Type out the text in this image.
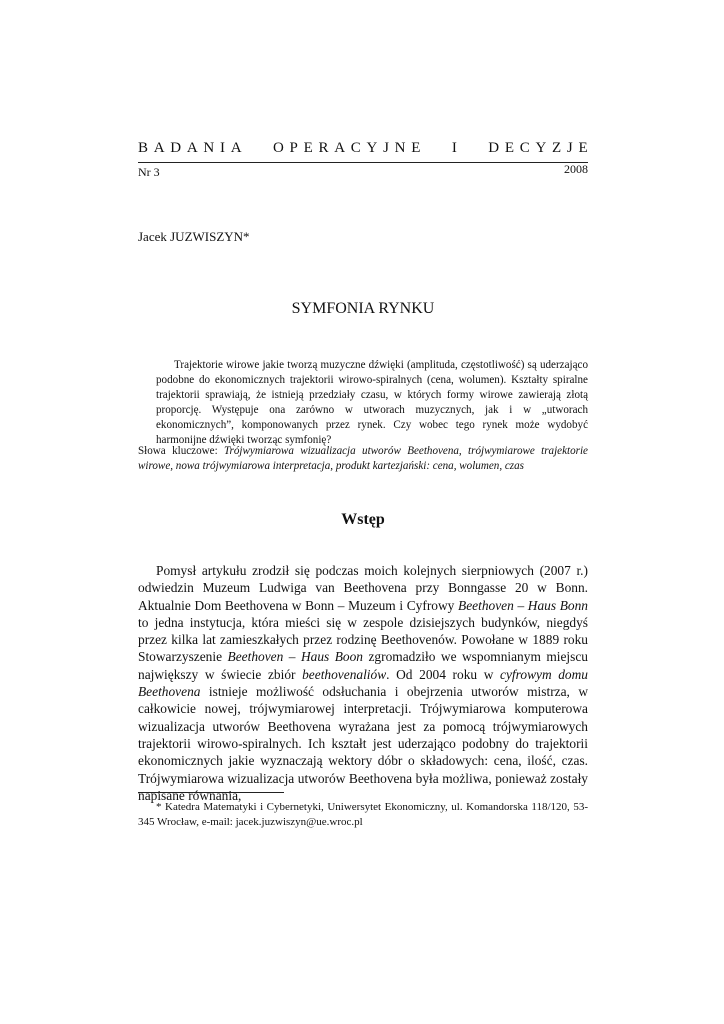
B A D A N I A O P E R A C Y J N E I D E C Y Z J E
Nr 3	2008
Jacek JUZWISZYN*
SYMFONIA RYNKU

Trajektorie wirowe jakie tworzą muzyczne dźwięki (amplituda, częstotliwość) są uderzająco podobne do ekonomicznych trajektorii wirowo-spiralnych (cena, wolumen). Kształty spiralne trajektorii sprawiają, że istnieją przedziały czasu, w których formy wirowe zawierają złotą proporcję. Występuje ona zarówno w utworach muzycznych, jak i w „utworach ekonomicznych”, komponowanych przez rynek. Czy wobec tego rynek może wydobyć harmonijne dźwięki tworząc symfonię?

Słowa kluczowe: Trójwymiarowa wizualizacja utworów Beethovena, trójwymiarowe trajektorie wirowe, nowa trójwymiarowa interpretacja, produkt kartezjański: cena, wolumen, czas

Wstęp

Pomysł artykułu zrodził się podczas moich kolejnych sierpniowych (2007 r.) odwiedzin Muzeum Ludwiga van Beethovena przy Bonngasse 20 w Bonn. Aktualnie Dom Beethovena w Bonn – Muzeum i Cyfrowy Beethoven – Haus Bonn to jedna instytucja, która mieści się w zespole dzisiejszych budynków, niegdyś przez kilka lat zamieszkałych przez rodzinę Beethovenów. Powołane w 1889 roku Stowarzyszenie Beethoven – Haus Boon zgromadziło we wspomnianym miejscu największy w świecie zbiór beethovenaliów. Od 2004 roku w cyfrowym domu Beethovena istnieje możliwość odsłuchania i obejrzenia utworów mistrza, w całkowicie nowej, trójwymiarowej interpretacji. Trójwymiarowa komputerowa wizualizacja utworów Beethovena wyrażana jest za pomocą trójwymiarowych trajektorii wirowo-spiralnych. Ich kształt jest uderzająco podobny do trajektorii ekonomicznych jakie wyznaczają wektory dóbr o składowych: cena, ilość, czas. Trójwymiarowa wizualizacja utworów Beethovena była możliwa, ponieważ zostały napisane równania,

* Katedra Matematyki i Cybernetyki, Uniwersytet Ekonomiczny, ul. Komandorska 118/120, 53-345 Wrocław, e-mail: jacek.juzwiszyn@ue.wroc.pl
